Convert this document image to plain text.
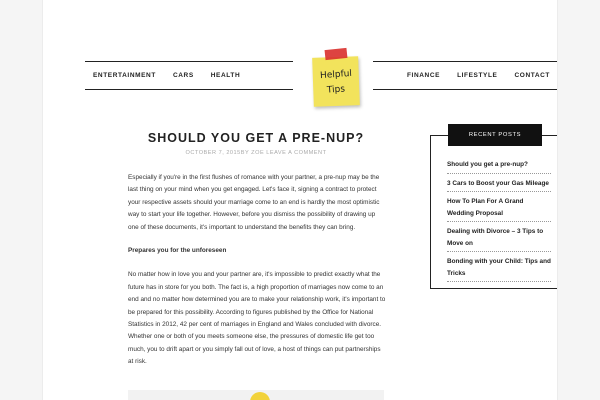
ENTERTAINMENT	CARS	HEALTH	Helpful
Tips
FINANCE	LIFESTYLE	CONTACT
SHOULD YOU GET A PRE-NUP?
OCTOBER 7, 2015BY ZOE LEAVE A COMMENT

Especially if you're in the first flushes of romance with your partner, a pre-nup may be the last thing on your mind when you get engaged. Let's face it, signing a contract to protect your respective assets should your marriage come to an end is hardly the most optimistic way to start your life together. However, before you dismiss the possibility of drawing up one of these documents, it's important to understand the benefits they can bring.

Prepares you for the unforeseen

No matter how in love you and your partner are, it's impossible to predict exactly what the future has in store for you both. The fact is, a high proportion of marriages now come to an end and no matter how determined you are to make your relationship work, it's important to be prepared for this possibility. According to figures published by the Office for National Statistics in 2012, 42 per cent of marriages in England and Wales concluded with divorce. Whether one or both of you meets someone else, the pressures of domestic life get too much, you to drift apart or you simply fall out of love, a host of things can put partnerships at risk.

RECENT POSTS
Should you get a pre-nup?
3 Cars to Boost your Gas Mileage
How To Plan For A Grand Wedding Proposal
Dealing with Divorce – 3 Tips to Move on
Bonding with your Child: Tips and Tricks
